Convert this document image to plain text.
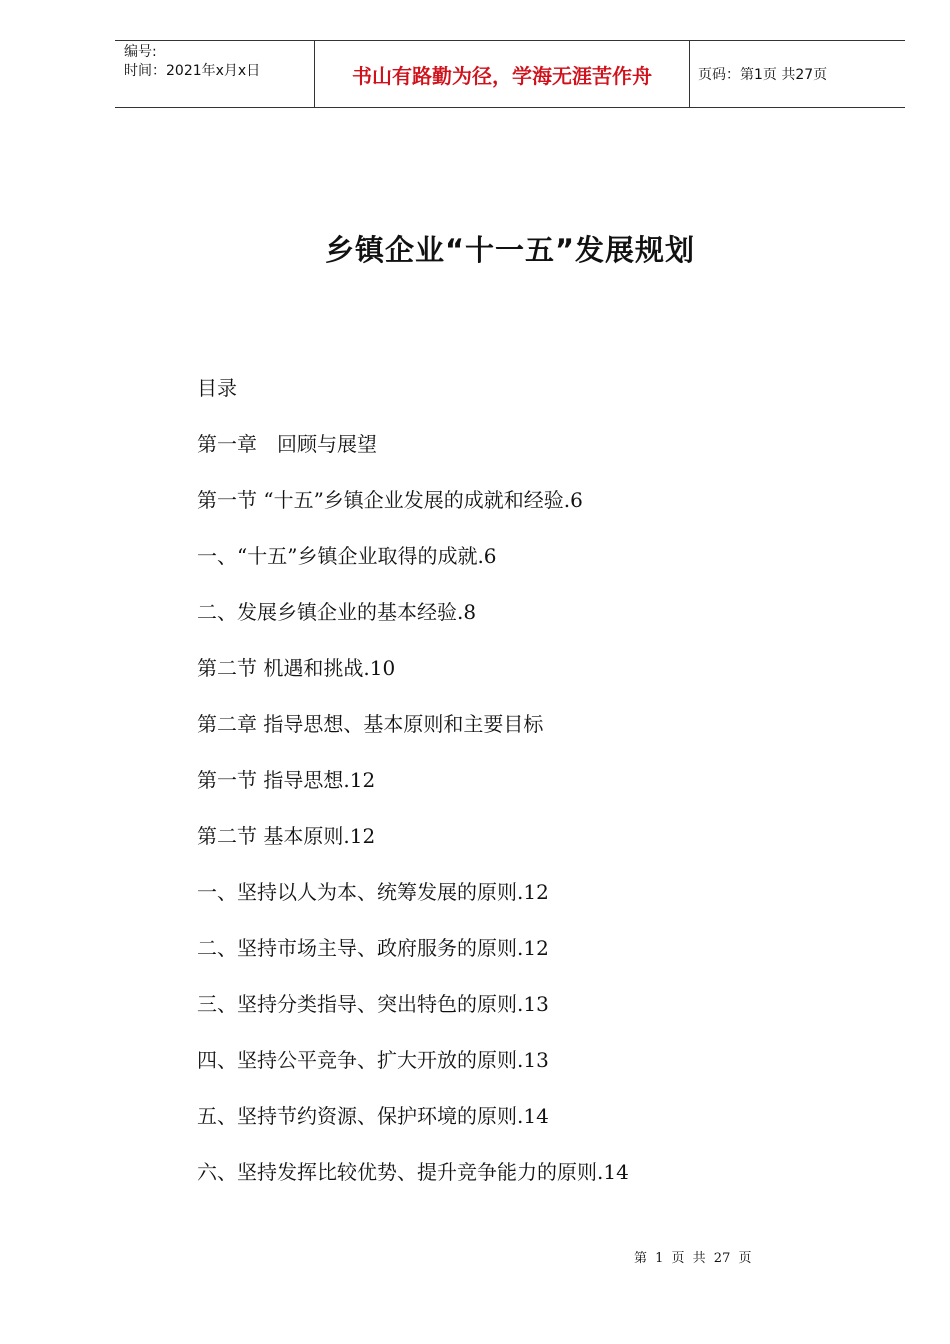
编号:
时间：2021年x月x日	书山有路勤为径，学海无涯苦作舟	页码：第1页 共27页
乡镇企业“十一五”发展规划
目录
第一章　回顾与展望
第一节 “十五”乡镇企业发展的成就和经验.6
一、“十五”乡镇企业取得的成就.6
二、发展乡镇企业的基本经验.8
第二节 机遇和挑战.10
第二章 指导思想、基本原则和主要目标
第一节 指导思想.12
第二节 基本原则.12
一、坚持以人为本、统筹发展的原则.12
二、坚持市场主导、政府服务的原则.12
三、坚持分类指导、突出特色的原则.13
四、坚持公平竞争、扩大开放的原则.13
五、坚持节约资源、保护环境的原则.14
六、坚持发挥比较优势、提升竞争能力的原则.14
第 1 页 共 27 页
